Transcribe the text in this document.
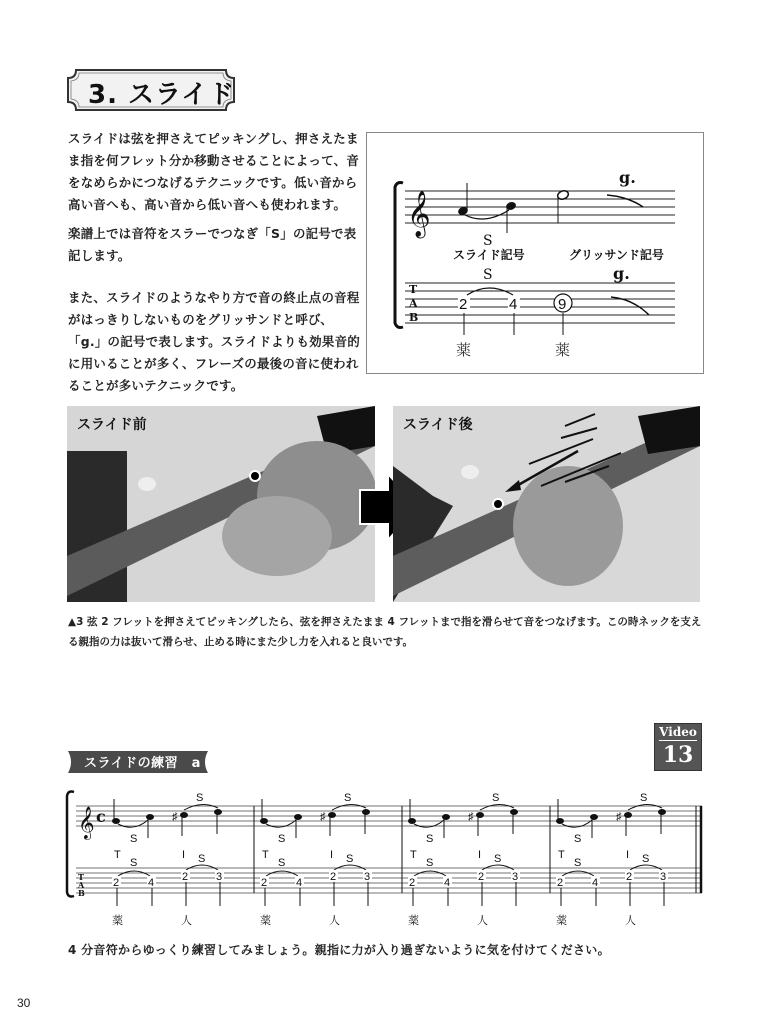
3. スライド
スライドは弦を押さえてピッキングし、押さえたまま指を何フレット分か移動させることによって、音をなめらかにつなげるテクニックです。低い音から高い音へも、高い音から低い音へも使われます。
楽譜上では音符をスラーでつなぎ「S」の記号で表記します。
また、スライドのようなやり方で音の終止点の音程がはっきりしないものをグリッサンドと呼び、「g.」の記号で表します。スライドよりも効果音的に用いることが多く、フレーズの最後の音に使われることが多いテクニックです。
𝄞
g.
S
スライド記号	グリッサンド記号
S	g.
T
A
B
2	4	9
薬	薬
スライド前	スライド後
▲3 弦 2 フレットを押さえてピッキングしたら、弦を押さえたまま 4 フレットまで指を滑らせて音をつなげます。この時ネックを支える親指の力は抜いて滑らせ、止める時にまた少し力を入れると良いです。
スライドの練習　a
Video
13
𝄞 c
T
A
B
S
♯
S
T	I
S	S
2	4	2	3
薬	人
S
♯
S
T	I
S	S
2	4	2	3
薬	人
S
♯
S
T	I
S	S
2	4	2	3
薬	人
S
♯
S
T	I
S	S
2	4	2	3
薬	人
4 分音符からゆっくり練習してみましょう。親指に力が入り過ぎないように気を付けてください。
30
